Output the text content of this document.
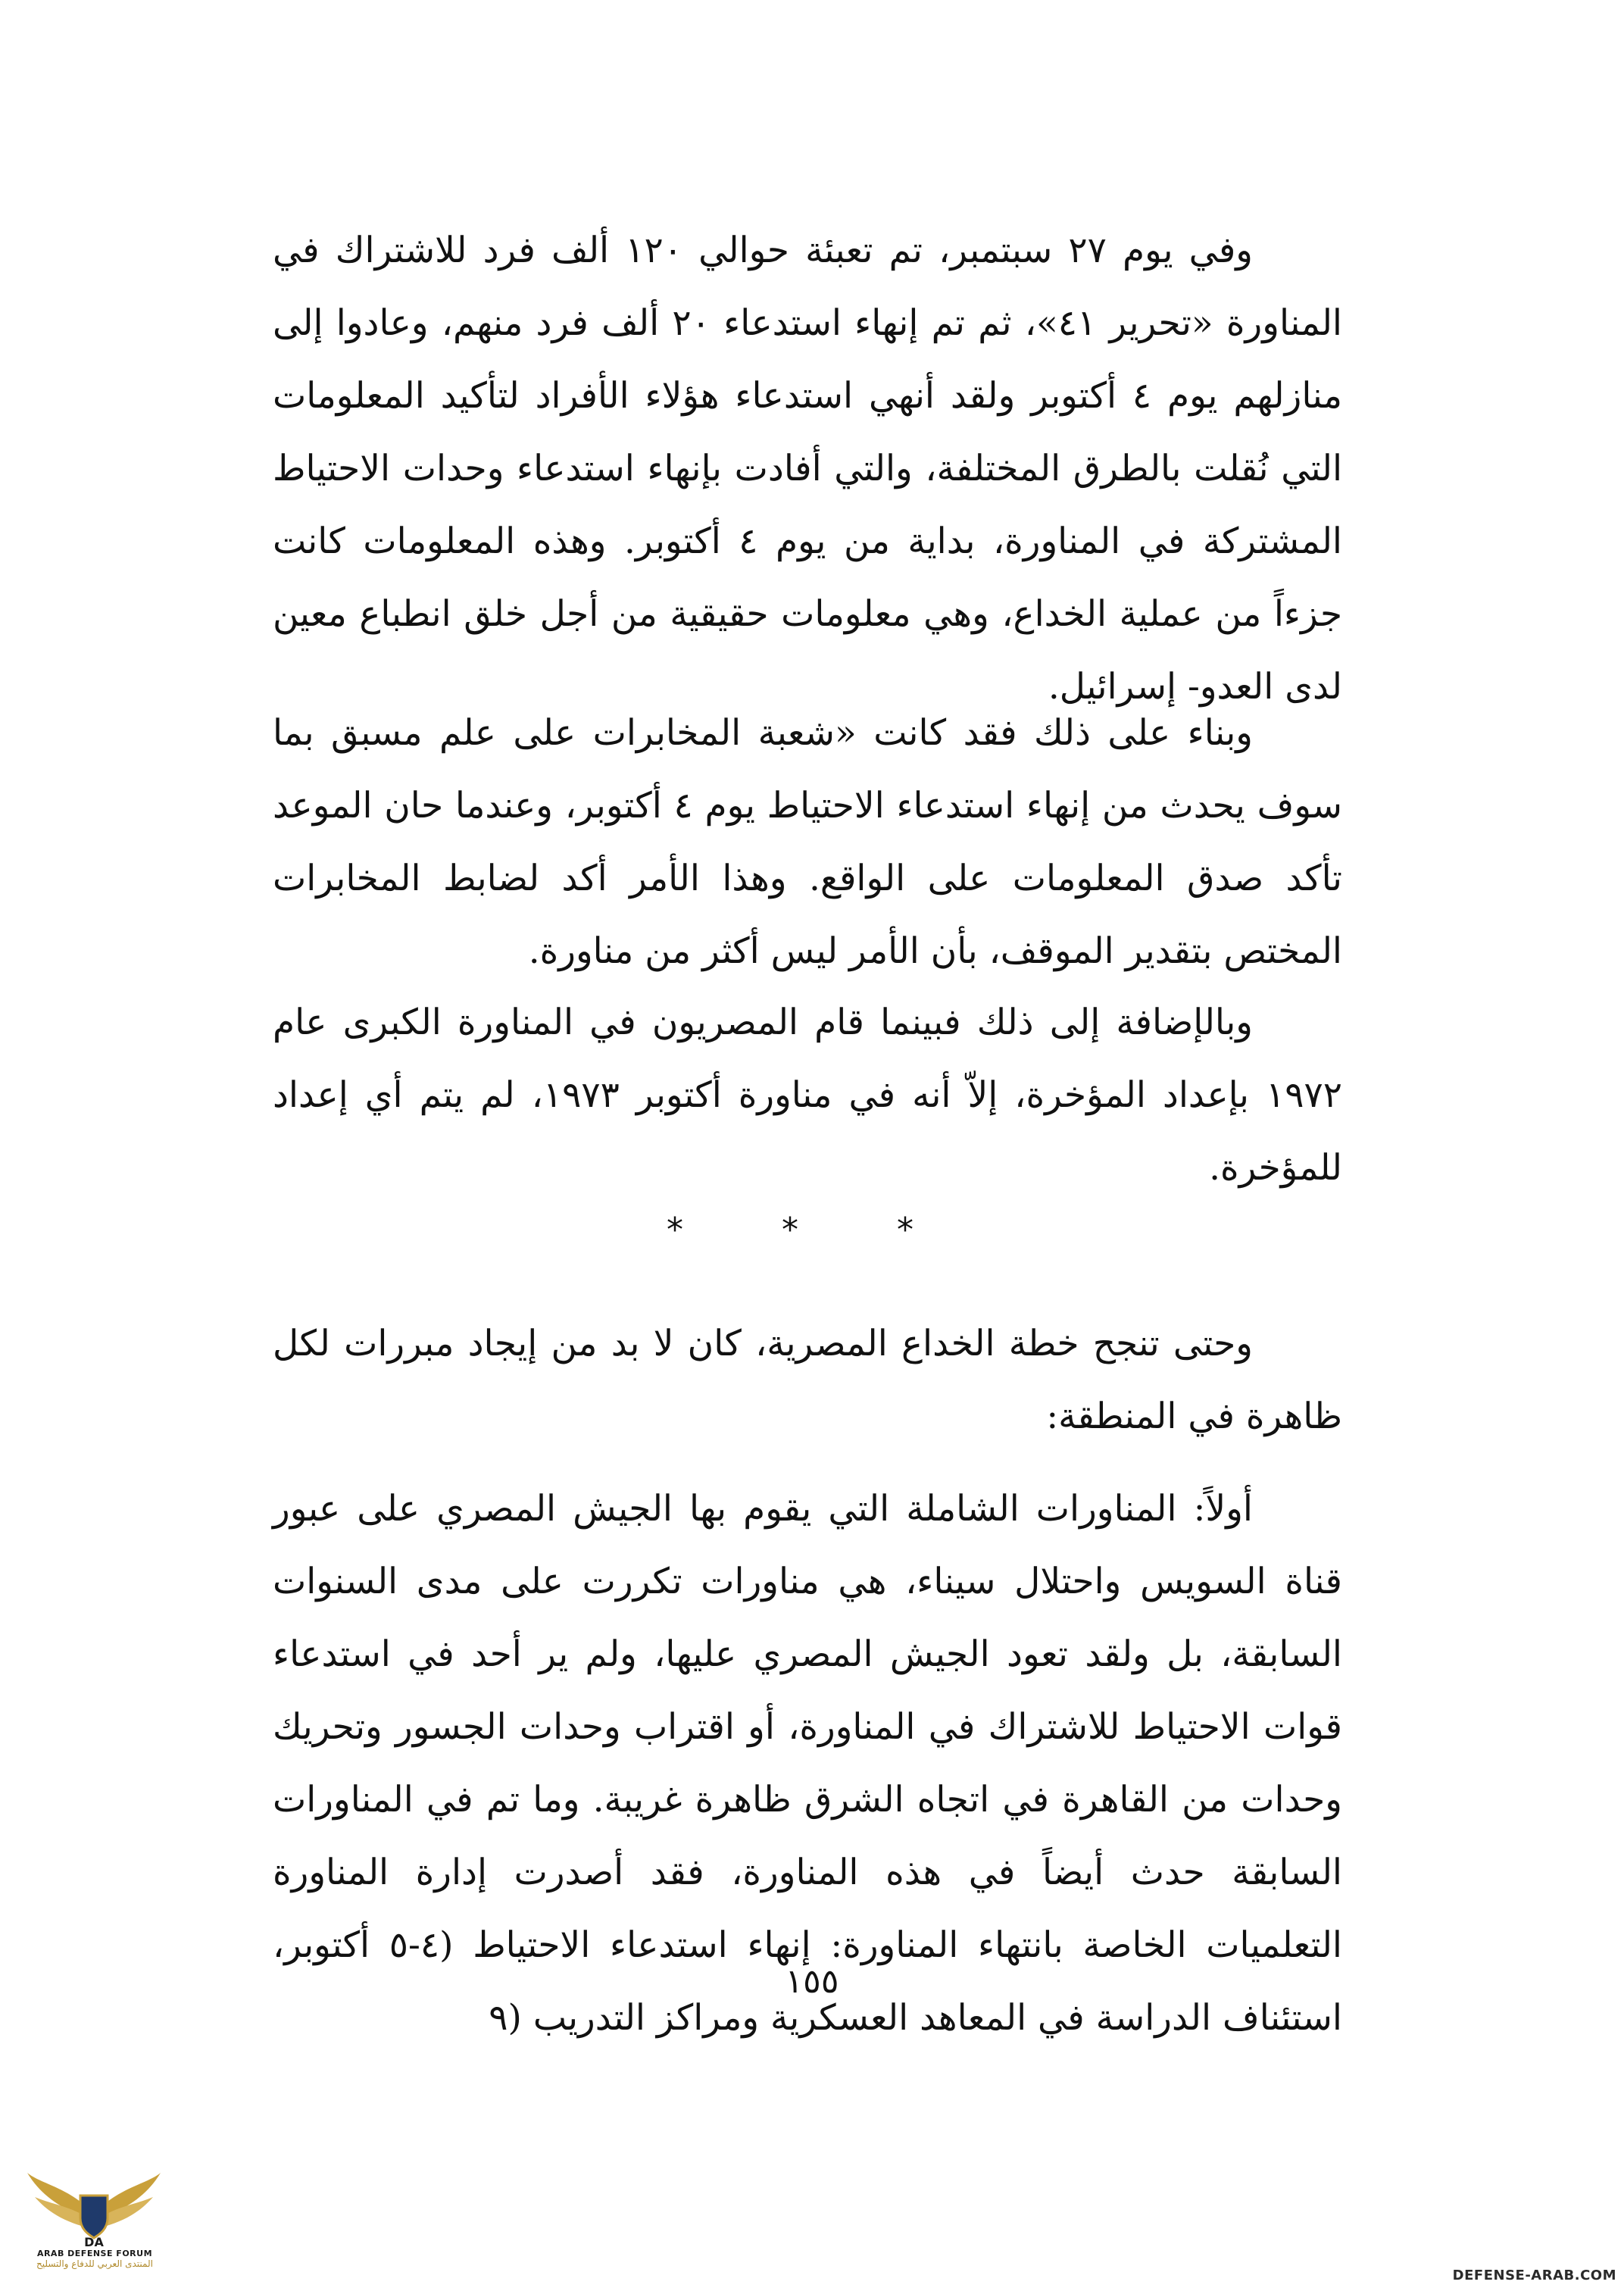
وفي يوم ٢٧ سبتمبر، تم تعبئة حوالي ١٢٠ ألف فرد للاشتراك في المناورة «تحرير ٤١»، ثم تم إنهاء استدعاء ٢٠ ألف فرد منهم، وعادوا إلى منازلهم يوم ٤ أكتوبر ولقد أنهي استدعاء هؤلاء الأفراد لتأكيد المعلومات التي نُقلت بالطرق المختلفة، والتي أفادت بإنهاء استدعاء وحدات الاحتياط المشتركة في المناورة، بداية من يوم ٤ أكتوبر. وهذه المعلومات كانت جزءاً من عملية الخداع، وهي معلومات حقيقية من أجل خلق انطباع معين لدى العدو- إسرائيل.

وبناء على ذلك فقد كانت «شعبة المخابرات على علم مسبق بما سوف يحدث من إنهاء استدعاء الاحتياط يوم ٤ أكتوبر، وعندما حان الموعد تأكد صدق المعلومات على الواقع. وهذا الأمر أكد لضابط المخابرات المختص بتقدير الموقف، بأن الأمر ليس أكثر من مناورة.

وبالإضافة إلى ذلك فبينما قام المصريون في المناورة الكبرى عام ١٩٧٢ بإعداد المؤخرة، إلاّ أنه في مناورة أكتوبر ١٩٧٣، لم يتم أي إعداد للمؤخرة.

* * *

وحتى تنجح خطة الخداع المصرية، كان لا بد من إيجاد مبررات لكل ظاهرة في المنطقة:

أولاً: المناورات الشاملة التي يقوم بها الجيش المصري على عبور قناة السويس واحتلال سيناء، هي مناورات تكررت على مدى السنوات السابقة، بل ولقد تعود الجيش المصري عليها، ولم ير أحد في استدعاء قوات الاحتياط للاشتراك في المناورة، أو اقتراب وحدات الجسور وتحريك وحدات من القاهرة في اتجاه الشرق ظاهرة غريبة. وما تم في المناورات السابقة حدث أيضاً في هذه المناورة، فقد أصدرت إدارة المناورة التعلميات الخاصة بانتهاء المناورة: إنهاء استدعاء الاحتياط (٤-٥ أكتوبر، استئناف الدراسة في المعاهد العسكرية ومراكز التدريب (٩

١٥٥
DA
ARAB DEFENSE FORUM
المنتدى العربي للدفاع والتسليح
DEFENSE-ARAB.COM
